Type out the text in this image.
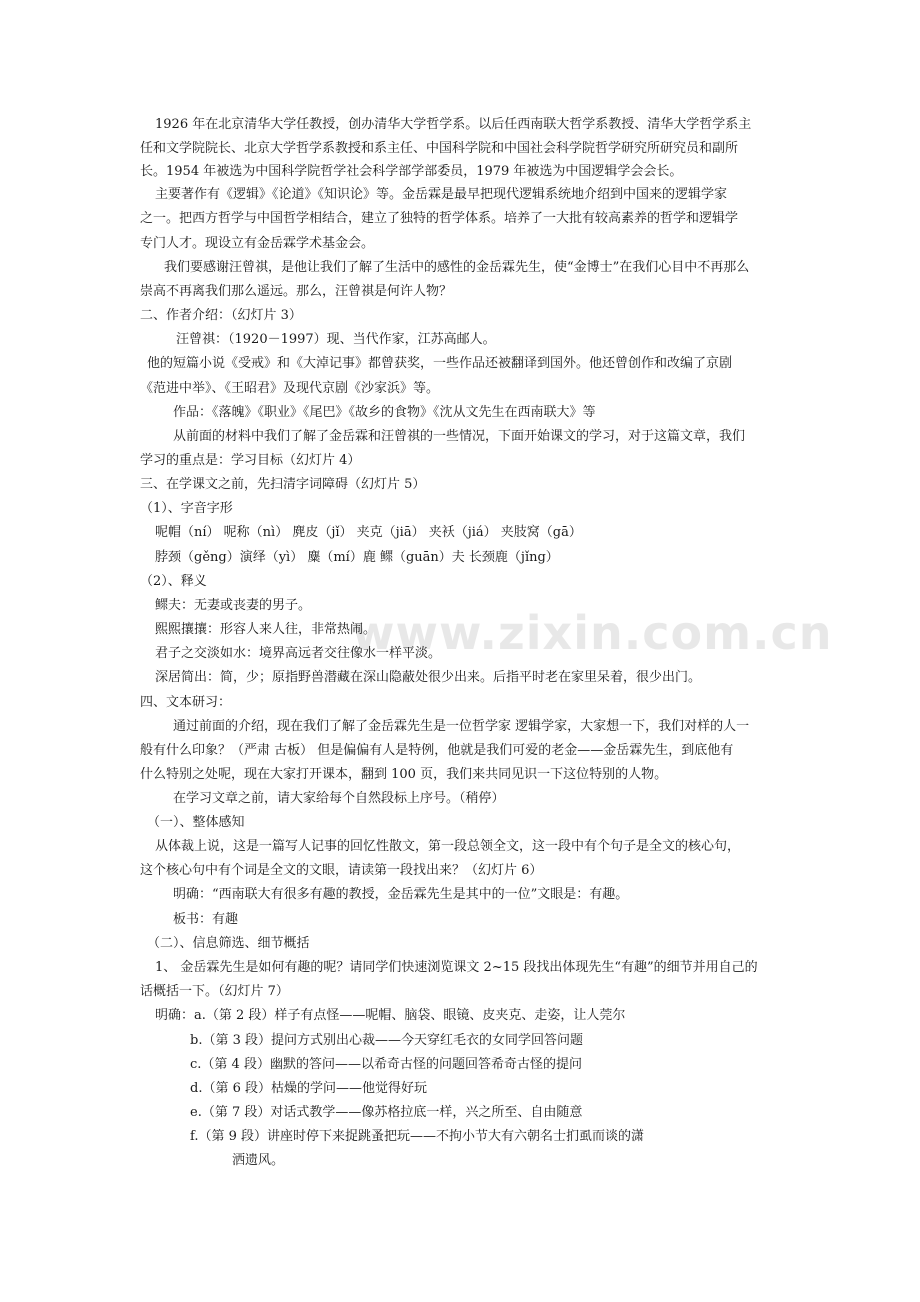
www.zixin.com.cn
1926 年在北京清华大学任教授，创办清华大学哲学系。以后任西南联大哲学系教授、清华大学哲学系主
任和文学院院长、北京大学哲学系教授和系主任、中国科学院和中国社会科学院哲学研究所研究员和副所
长。1954 年被选为中国科学院哲学社会科学部学部委员，1979 年被选为中国逻辑学会会长。
主要著作有《逻辑》《论道》《知识论》等。金岳霖是最早把现代逻辑系统地介绍到中国来的逻辑学家
之一。把西方哲学与中国哲学相结合，建立了独特的哲学体系。培养了一大批有较高素养的哲学和逻辑学
专门人才。现设立有金岳霖学术基金会。
我们要感谢汪曾祺，是他让我们了解了生活中的感性的金岳霖先生，使“金博士”在我们心目中不再那么
崇高不再离我们那么遥远。那么，汪曾祺是何许人物？
二、作者介绍：（幻灯片 3）
汪曾祺：（1920－1997）现、当代作家，江苏高邮人。
他的短篇小说《受戒》和《大淖记事》都曾获奖，一些作品还被翻译到国外。他还曾创作和改编了京剧
《范进中举》、《王昭君》及现代京剧《沙家浜》等。
作品：《落魄》《职业》《尾巴》《故乡的食物》《沈从文先生在西南联大》等
从前面的材料中我们了解了金岳霖和汪曾祺的一些情况，下面开始课文的学习，对于这篇文章，我们
学习的重点是：学习目标（幻灯片 4）
三、在学课文之前，先扫清字词障碍（幻灯片 5）
（1）、字音字形
呢帽（ní） 呢称（nì） 麂皮（jǐ） 夹克（jiā） 夹袄（jiá） 夹肢窝（gā）
脖颈（gěng）演绎（yì） 麋（mí）鹿 鳏（guān）夫 长颈鹿（jǐng）
（2）、释义
鳏夫：无妻或丧妻的男子。
熙熙攘攘：形容人来人往，非常热闹。
君子之交淡如水：境界高远者交往像水一样平淡。
深居简出：简，少；原指野兽潜藏在深山隐蔽处很少出来。后指平时老在家里呆着，很少出门。
四、文本研习：
通过前面的介绍，现在我们了解了金岳霖先生是一位哲学家 逻辑学家，大家想一下，我们对样的人一
般有什么印象？（严肃 古板） 但是偏偏有人是特例，他就是我们可爱的老金——金岳霖先生，到底他有
什么特别之处呢，现在大家打开课本，翻到 100 页，我们来共同见识一下这位特别的人物。
在学习文章之前，请大家给每个自然段标上序号。（稍停）
（一）、整体感知
从体裁上说，这是一篇写人记事的回忆性散文，第一段总领全文，这一段中有个句子是全文的核心句，
这个核心句中有个词是全文的文眼，请读第一段找出来？（幻灯片 6）
明确：“西南联大有很多有趣的教授，金岳霖先生是其中的一位”文眼是：有趣。
板书：有趣
（二）、信息筛选、细节概括
1、 金岳霖先生是如何有趣的呢？请同学们快速浏览课文 2~15 段找出体现先生“有趣”的细节并用自己的
话概括一下。（幻灯片 7）
明确：a.（第 2 段）样子有点怪——呢帽、脑袋、眼镜、皮夹克、走姿，让人莞尔
b.（第 3 段）提问方式别出心裁——今天穿红毛衣的女同学回答问题
c.（第 4 段）幽默的答问——以希奇古怪的问题回答希奇古怪的提问
d.（第 6 段）枯燥的学问——他觉得好玩
e.（第 7 段）对话式教学——像苏格拉底一样，兴之所至、自由随意
f.（第 9 段）讲座时停下来捉跳蚤把玩——不拘小节大有六朝名士扪虱而谈的潇
洒遗风。
